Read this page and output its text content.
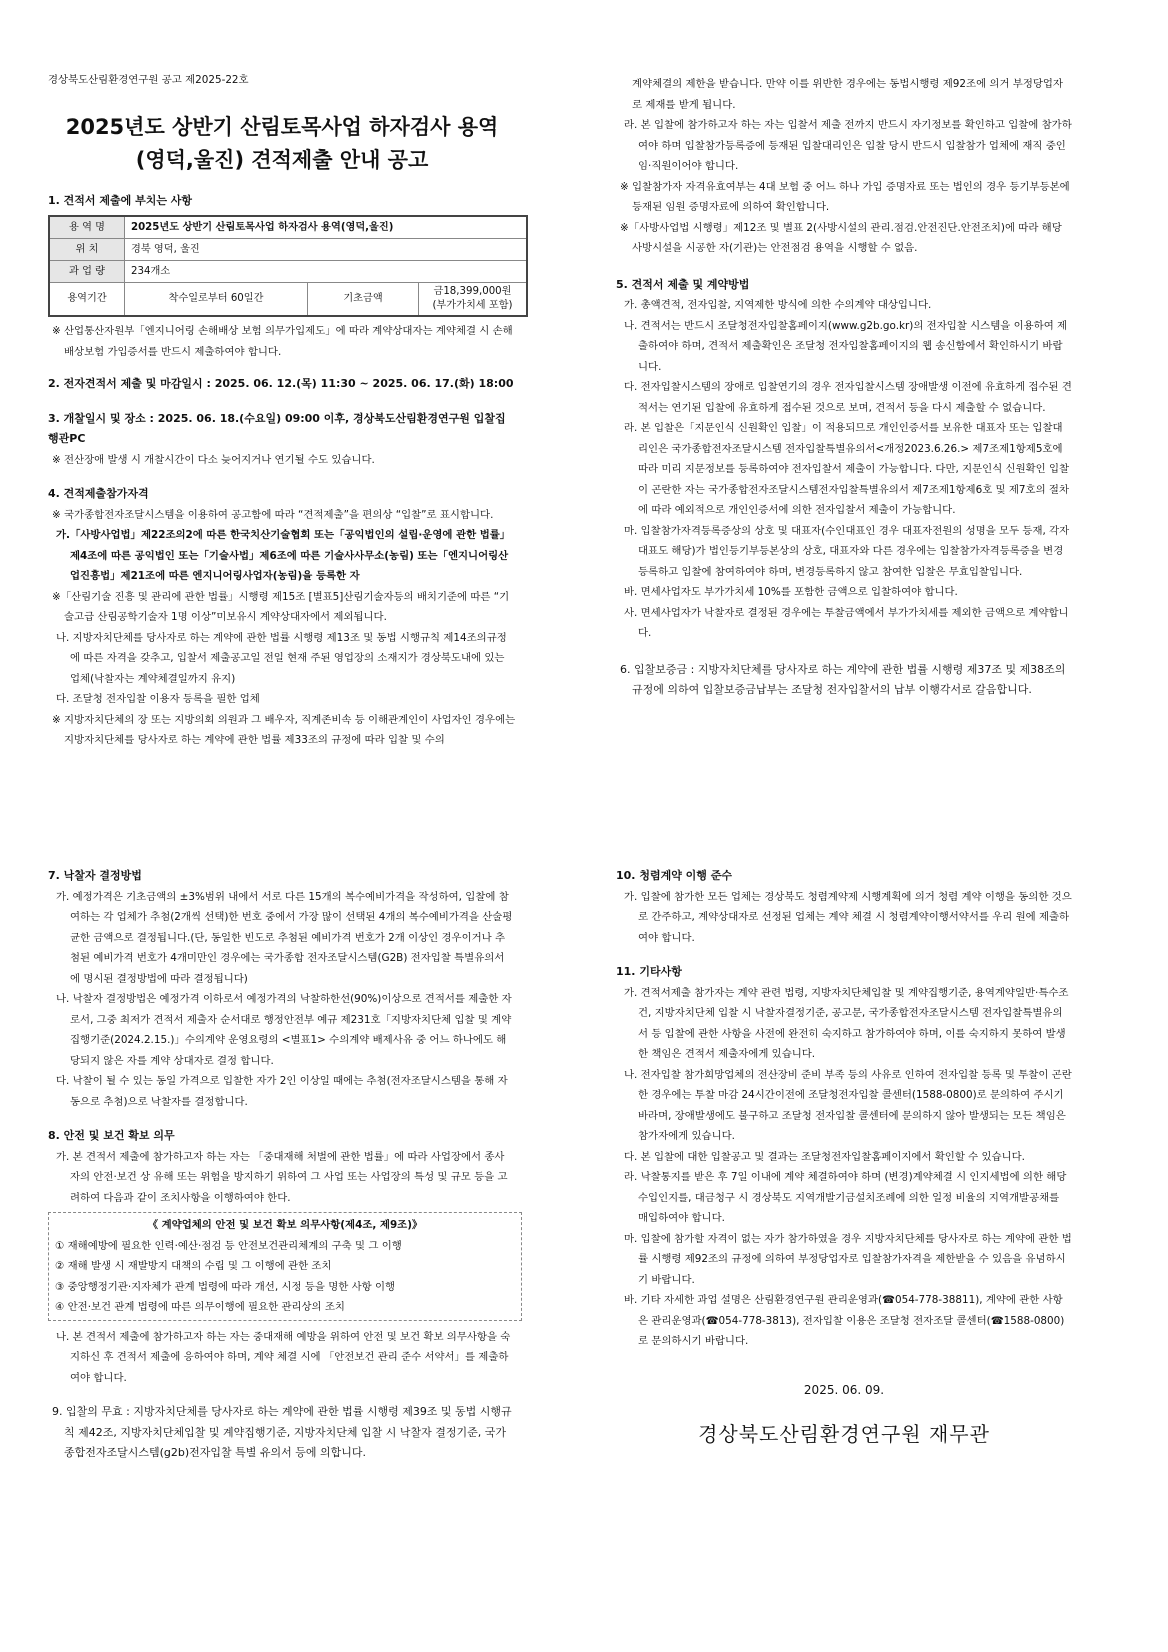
경상북도산림환경연구원 공고 제2025-22호

2025년도 상반기 산림토목사업 하자검사 용역
(영덕,울진) 견적제출 안내 공고

1. 견적서 제출에 부치는 사항

용 역 명	2025년도 상반기 산림토목사업 하자검사 용역(영덕,울진)		
위 치	경북 영덕, 울진		
과 업 량	234개소		
용역기간	착수일로부터 60일간	기초금액	금18,399,000원
(부가가치세 포함)

※ 산업통산자원부「엔지니어링 손해배상 보험 의무가입제도」에 따라 계약상대자는 계약체결 시 손해배상보험 가입증서를 반드시 제출하여야 합니다.

2. 전자견적서 제출 및 마감일시 : 2025. 06. 12.(목) 11:30 ~ 2025. 06. 17.(화) 18:00

3. 개찰일시 및 장소 : 2025. 06. 18.(수요일) 09:00 이후, 경상북도산림환경연구원 입찰집행관PC

※ 전산장애 발생 시 개찰시간이 다소 늦어지거나 연기될 수도 있습니다.

4. 견적제출참가자격

※ 국가종합전자조달시스템을 이용하여 공고함에 따라 “견적제출”을 편의상 “입찰”로 표시합니다.

가.「사방사업법」제22조의2에 따른 한국치산기술협회 또는「공익법인의 설립·운영에 관한 법률」제4조에 따른 공익법인 또는「기술사법」제6조에 따른 기술사사무소(농림) 또는「엔지니어링산업진흥법」제21조에 따른 엔지니어링사업자(농림)을 등록한 자

※「산림기술 진흥 및 관리에 관한 법률」시행령 제15조 [별표5]산림기술자등의 배치기준에 따른 “기술고급 산림공학기술자 1명 이상”미보유시 계약상대자에서 제외됩니다.

나. 지방자치단체를 당사자로 하는 계약에 관한 법률 시행령 제13조 및 동법 시행규칙 제14조의규정에 따른 자격을 갖추고, 입찰서 제출공고일 전일 현재 주된 영업장의 소재지가 경상북도내에 있는 업체(낙찰자는 계약체결일까지 유지)

다. 조달청 전자입찰 이용자 등록을 필한 업체

※ 지방자치단체의 장 또는 지방의회 의원과 그 배우자, 직계존비속 등 이해관계인이 사업자인 경우에는 지방자치단체를 당사자로 하는 계약에 관한 법률 제33조의 규정에 따라 입찰 및 수의

계약체결의 제한을 받습니다. 만약 이를 위반한 경우에는 동법시행령 제92조에 의거 부정당업자로 제재를 받게 됩니다.

라. 본 입찰에 참가하고자 하는 자는 입찰서 제출 전까지 반드시 자기정보를 확인하고 입찰에 참가하여야 하며 입찰참가등록증에 등재된 입찰대리인은 입찰 당시 반드시 입찰참가 업체에 재직 중인 임·직원이어야 합니다.

※ 입찰참가자 자격유효여부는 4대 보험 중 어느 하나 가입 증명자료 또는 법인의 경우 등기부등본에 등재된 임원 증명자료에 의하여 확인합니다.

※「사방사업법 시행령」제12조 및 별표 2(사방시설의 관리.점검.안전진단.안전조치)에 따라 해당 사방시설을 시공한 자(기관)는 안전점검 용역을 시행할 수 없음.

5. 견적서 제출 및 계약방법

가. 총액견적, 전자입찰, 지역제한 방식에 의한 수의계약 대상입니다.

나. 견적서는 반드시 조달청전자입찰홈페이지(www.g2b.go.kr)의 전자입찰 시스템을 이용하여 제출하여야 하며, 견적서 제출확인은 조달청 전자입찰홈페이지의 웹 송신함에서 확인하시기 바랍니다.

다. 전자입찰시스템의 장애로 입찰연기의 경우 전자입찰시스템 장애발생 이전에 유효하게 접수된 견적서는 연기된 입찰에 유효하게 접수된 것으로 보며, 견적서 등을 다시 제출할 수 없습니다.

라. 본 입찰은「지문인식 신원확인 입찰」이 적용되므로 개인인증서를 보유한 대표자 또는 입찰대리인은 국가종합전자조달시스템 전자입찰특별유의서<개정2023.6.26.> 제7조제1항제5호에 따라 미리 지문정보를 등록하여야 전자입찰서 제출이 가능합니다. 다만, 지문인식 신원확인 입찰이 곤란한 자는 국가종합전자조달시스템전자입찰특별유의서 제7조제1항제6호 및 제7호의 절차에 따라 예외적으로 개인인증서에 의한 전자입찰서 제출이 가능합니다.

마. 입찰참가자격등록증상의 상호 및 대표자(수인대표인 경우 대표자전원의 성명을 모두 등재, 각자대표도 해당)가 법인등기부등본상의 상호, 대표자와 다른 경우에는 입찰참가자격등록증을 변경등록하고 입찰에 참여하여야 하며, 변경등록하지 않고 참여한 입찰은 무효입찰입니다.

바. 면세사업자도 부가가치세 10%를 포함한 금액으로 입찰하여야 합니다.

사. 면세사업자가 낙찰자로 결정된 경우에는 투찰금액에서 부가가치세를 제외한 금액으로 계약합니다.

6. 입찰보증금 : 지방자치단체를 당사자로 하는 계약에 관한 법률 시행령 제37조 및 제38조의 규정에 의하여 입찰보증금납부는 조달청 전자입찰서의 납부 이행각서로 갈음합니다.

7. 낙찰자 결정방법

가. 예정가격은 기초금액의 ±3%범위 내에서 서로 다른 15개의 복수예비가격을 작성하여, 입찰에 참여하는 각 업체가 추첨(2개씩 선택)한 번호 중에서 가장 많이 선택된 4개의 복수예비가격을 산술평균한 금액으로 결정됩니다.(단, 동일한 빈도로 추첨된 예비가격 번호가 2개 이상인 경우이거나 추첨된 예비가격 번호가 4개미만인 경우에는 국가종합 전자조달시스템(G2B) 전자입찰 특별유의서에 명시된 결정방법에 따라 결정됩니다)

나. 낙찰자 결정방법은 예정가격 이하로서 예정가격의 낙찰하한선(90%)이상으로 견적서를 제출한 자로서, 그중 최저가 견적서 제출자 순서대로 행정안전부 예규 제231호「지방자치단체 입찰 및 계약집행기준(2024.2.15.)」수의계약 운영요령의 <별표1> 수의계약 배제사유 중 어느 하나에도 해당되지 않은 자를 계약 상대자로 결정 합니다.

다. 낙찰이 될 수 있는 동일 가격으로 입찰한 자가 2인 이상일 때에는 추첨(전자조달시스템을 통해 자동으로 추첨)으로 낙찰자를 결정합니다.

8. 안전 및 보건 확보 의무

가. 본 견적서 제출에 참가하고자 하는 자는 「중대재해 처벌에 관한 법률」에 따라 사업장에서 종사자의 안전·보건 상 유해 또는 위험을 방지하기 위하여 그 사업 또는 사업장의 특성 및 규모 등을 고려하여 다음과 같이 조치사항을 이행하여야 한다.

《 계약업체의 안전 및 보건 확보 의무사항(제4조, 제9조)》

① 재해예방에 필요한 인력·예산·점검 등 안전보건관리체계의 구축 및 그 이행

② 재해 발생 시 재발방지 대책의 수립 및 그 이행에 관한 조치

③ 중앙행정기관·지자체가 관계 법령에 따라 개선, 시정 등을 명한 사항 이행

④ 안전·보건 관계 법령에 따른 의무이행에 필요한 관리상의 조치

나. 본 견적서 제출에 참가하고자 하는 자는 중대재해 예방을 위하여 안전 및 보건 확보 의무사항을 숙지하신 후 견적서 제출에 응하여야 하며, 계약 체결 시에 「안전보건 관리 준수 서약서」를 제출하여야 합니다.

9. 입찰의 무효 : 지방자치단체를 당사자로 하는 계약에 관한 법률 시행령 제39조 및 동법 시행규칙 제42조, 지방자치단체입찰 및 계약집행기준, 지방자치단체 입찰 시 낙찰자 결정기준, 국가종합전자조달시스템(g2b)전자입찰 특별 유의서 등에 의합니다.

10. 청렴계약 이행 준수

가. 입찰에 참가한 모든 업체는 경상북도 청렴계약제 시행계획에 의거 청렴 계약 이행을 동의한 것으로 간주하고, 계약상대자로 선정된 업체는 계약 체결 시 청렴계약이행서약서를 우리 원에 제출하여야 합니다.

11. 기타사항

가. 견적서제출 참가자는 계약 관련 법령, 지방자치단체입찰 및 계약집행기준, 용역계약일반·특수조건, 지방자치단체 입찰 시 낙찰자결정기준, 공고문, 국가종합전자조달시스템 전자입찰특별유의서 등 입찰에 관한 사항을 사전에 완전히 숙지하고 참가하여야 하며, 이를 숙지하지 못하여 발생한 책임은 견적서 제출자에게 있습니다.

나. 전자입찰 참가희망업체의 전산장비 준비 부족 등의 사유로 인하여 전자입찰 등록 및 투찰이 곤란한 경우에는 투찰 마감 24시간이전에 조달청전자입찰 콜센터(1588-0800)로 문의하여 주시기 바라며, 장애발생에도 불구하고 조달청 전자입찰 콜센터에 문의하지 않아 발생되는 모든 책임은 참가자에게 있습니다.

다. 본 입찰에 대한 입찰공고 및 결과는 조달청전자입찰홈페이지에서 확인할 수 있습니다.

라. 낙찰통지를 받은 후 7일 이내에 계약 체결하여야 하며 (변경)계약체결 시 인지세법에 의한 해당수입인지를, 대금청구 시 경상북도 지역개발기금설치조례에 의한 일정 비율의 지역개발공채를 매입하여야 합니다.

마. 입찰에 참가할 자격이 없는 자가 참가하였을 경우 지방자치단체를 당사자로 하는 계약에 관한 법률 시행령 제92조의 규정에 의하여 부정당업자로 입찰참가자격을 제한받을 수 있음을 유념하시기 바랍니다.

바. 기타 자세한 과업 설명은 산림환경연구원 관리운영과(☎054-778-38811), 계약에 관한 사항은 관리운영과(☎054-778-3813), 전자입찰 이용은 조달청 전자조달 콜센터(☎1588-0800)로 문의하시기 바랍니다.

2025. 06. 09.

경상북도산림환경연구원 재무관
